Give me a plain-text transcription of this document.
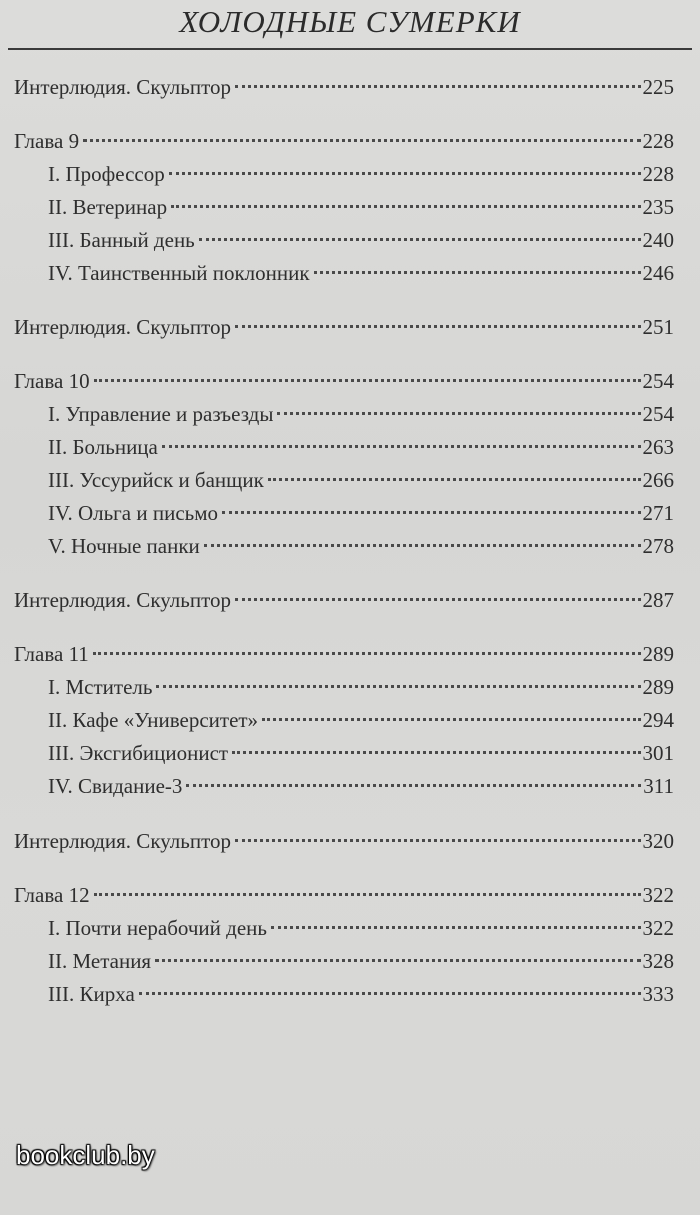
ХОЛОДНЫЕ СУМЕРКИ
Интерлюдия. Скульптор	225
Глава 9	228
I. Профессор	228
II. Ветеринар	235
III. Банный день	240
IV. Таинственный поклонник	246
Интерлюдия. Скульптор	251
Глава 10	254
I. Управление и разъезды	254
II. Больница	263
III. Уссурийск и банщик	266
IV. Ольга и письмо	271
V. Ночные панки	278
Интерлюдия. Скульптор	287
Глава 11	289
I. Мститель	289
II. Кафе «Университет»	294
III. Эксгибиционист	301
IV. Свидание-3	311
Интерлюдия. Скульптор	320
Глава 12	322
I. Почти нерабочий день	322
II. Метания	328
III. Кирха	333
bookclub.by
